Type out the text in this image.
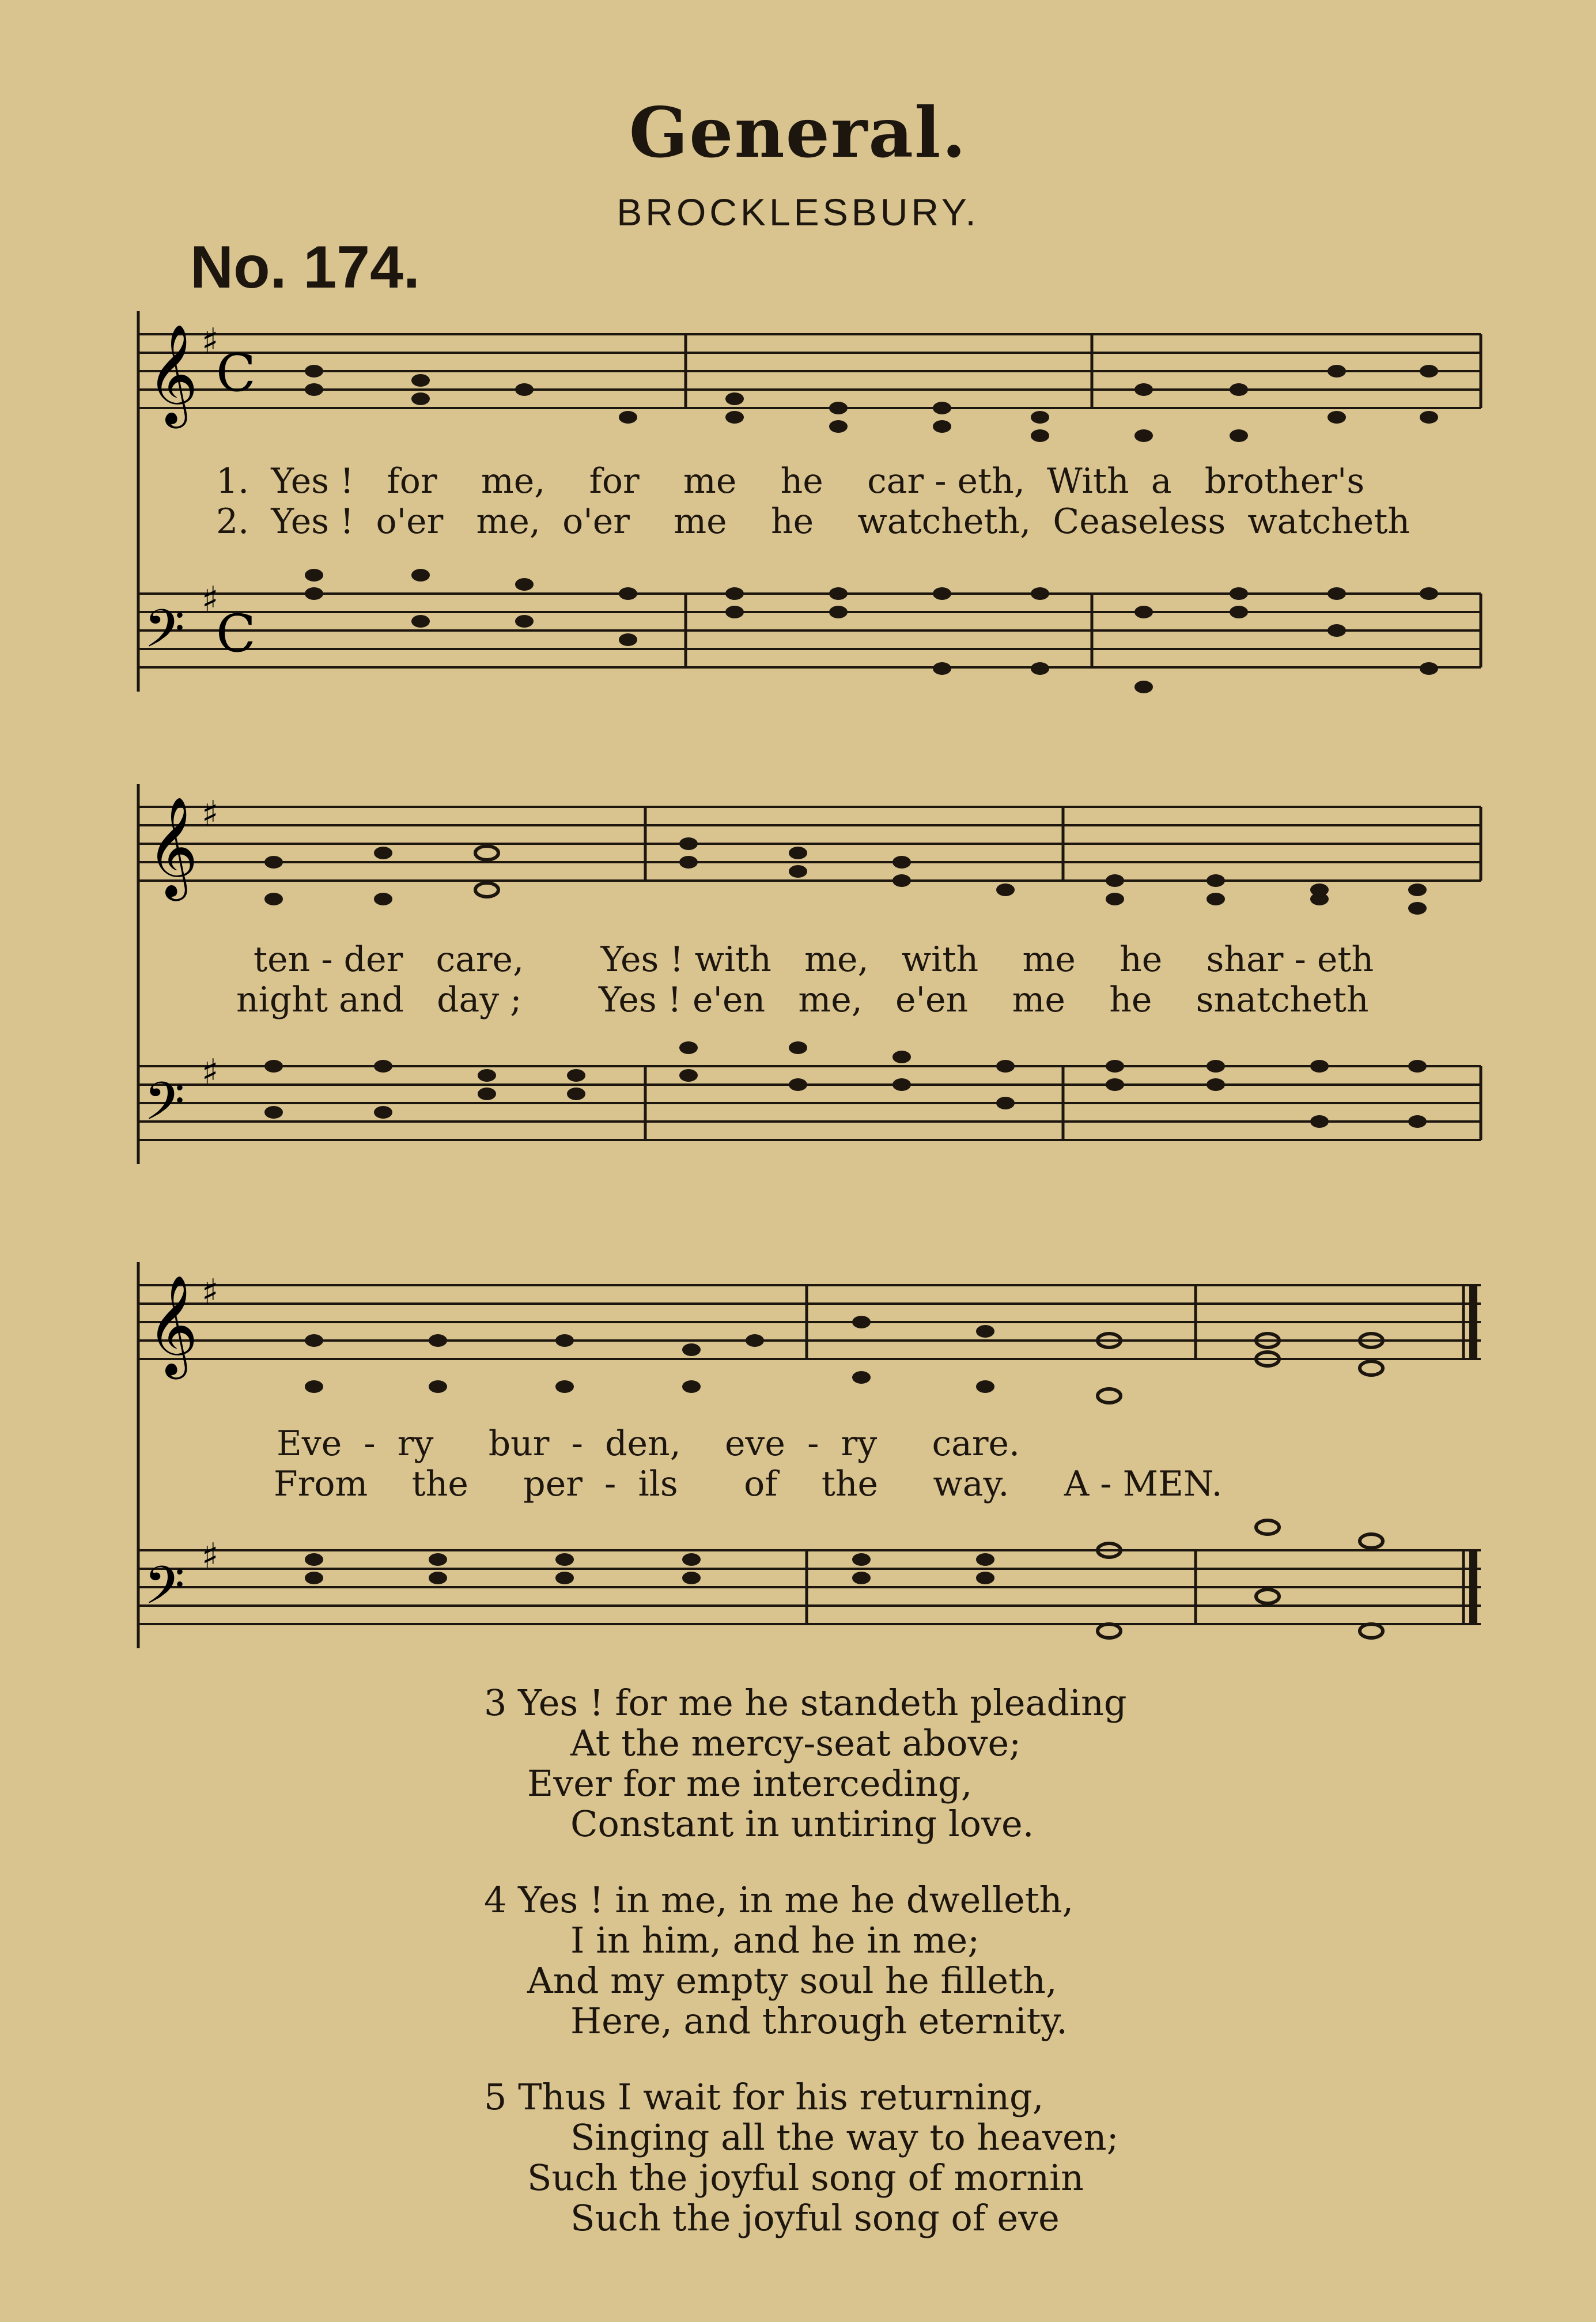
General.
BROCKLESBURY.
No. 174.
𝄞
𝄢
♯
♯
C
C
1. Yes ! for me, for me he car - eth, With a brother's
2. Yes ! o'er me, o'er me he watcheth, Ceaseless watcheth
𝄞
𝄢
♯
♯
ten - der care, Yes ! with me, with me he shar - eth
night and day ; Yes ! e'en me, e'en me he snatcheth
𝄞
𝄢
♯
♯
Eve - ry bur - den, eve - ry care.
From the per - ils of the way. A - MEN.
3 Yes ! for me he standeth pleading
At the mercy-seat above;
Ever for me interceding,
Constant in untiring love.
4 Yes ! in me, in me he dwelleth,
I in him, and he in me;
And my empty soul he filleth,
Here, and through eternity.
5 Thus I wait for his returning,
Singing all the way to heaven;
Such the joyful song of mornin
Such the joyful song of eve
